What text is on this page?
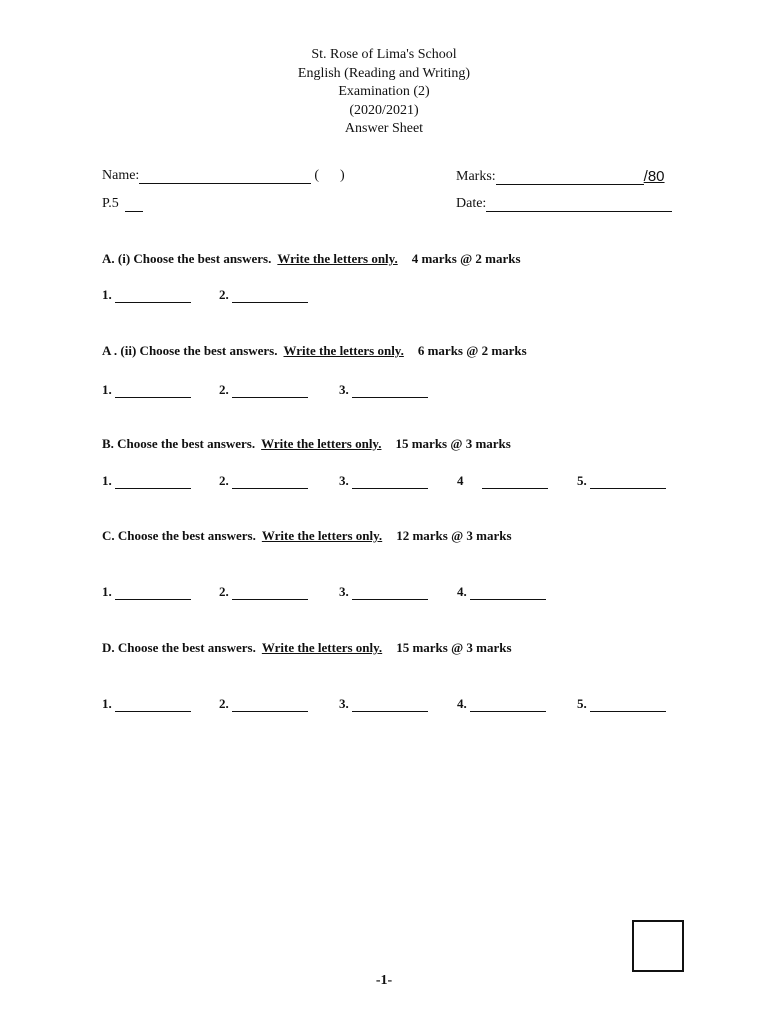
St. Rose of Lima's School
English (Reading and Writing)
Examination (2)
(2020/2021)
Answer Sheet
Name:	(      )	Marks:	/80
P.5	Date:
A. (i) Choose the best answers. Write the letters only. 4 marks @ 2 marks
1.	2.
A . (ii) Choose the best answers. Write the letters only. 6 marks @ 2 marks
1.	2.	3.
B. Choose the best answers. Write the letters only. 15 marks @ 3 marks
1.	2.	3.	4	5.
C. Choose the best answers. Write the letters only. 12 marks @ 3 marks
1.	2.	3.	4.
D. Choose the best answers. Write the letters only. 15 marks @ 3 marks
1.	2.	3.	4.	5.
-1-
